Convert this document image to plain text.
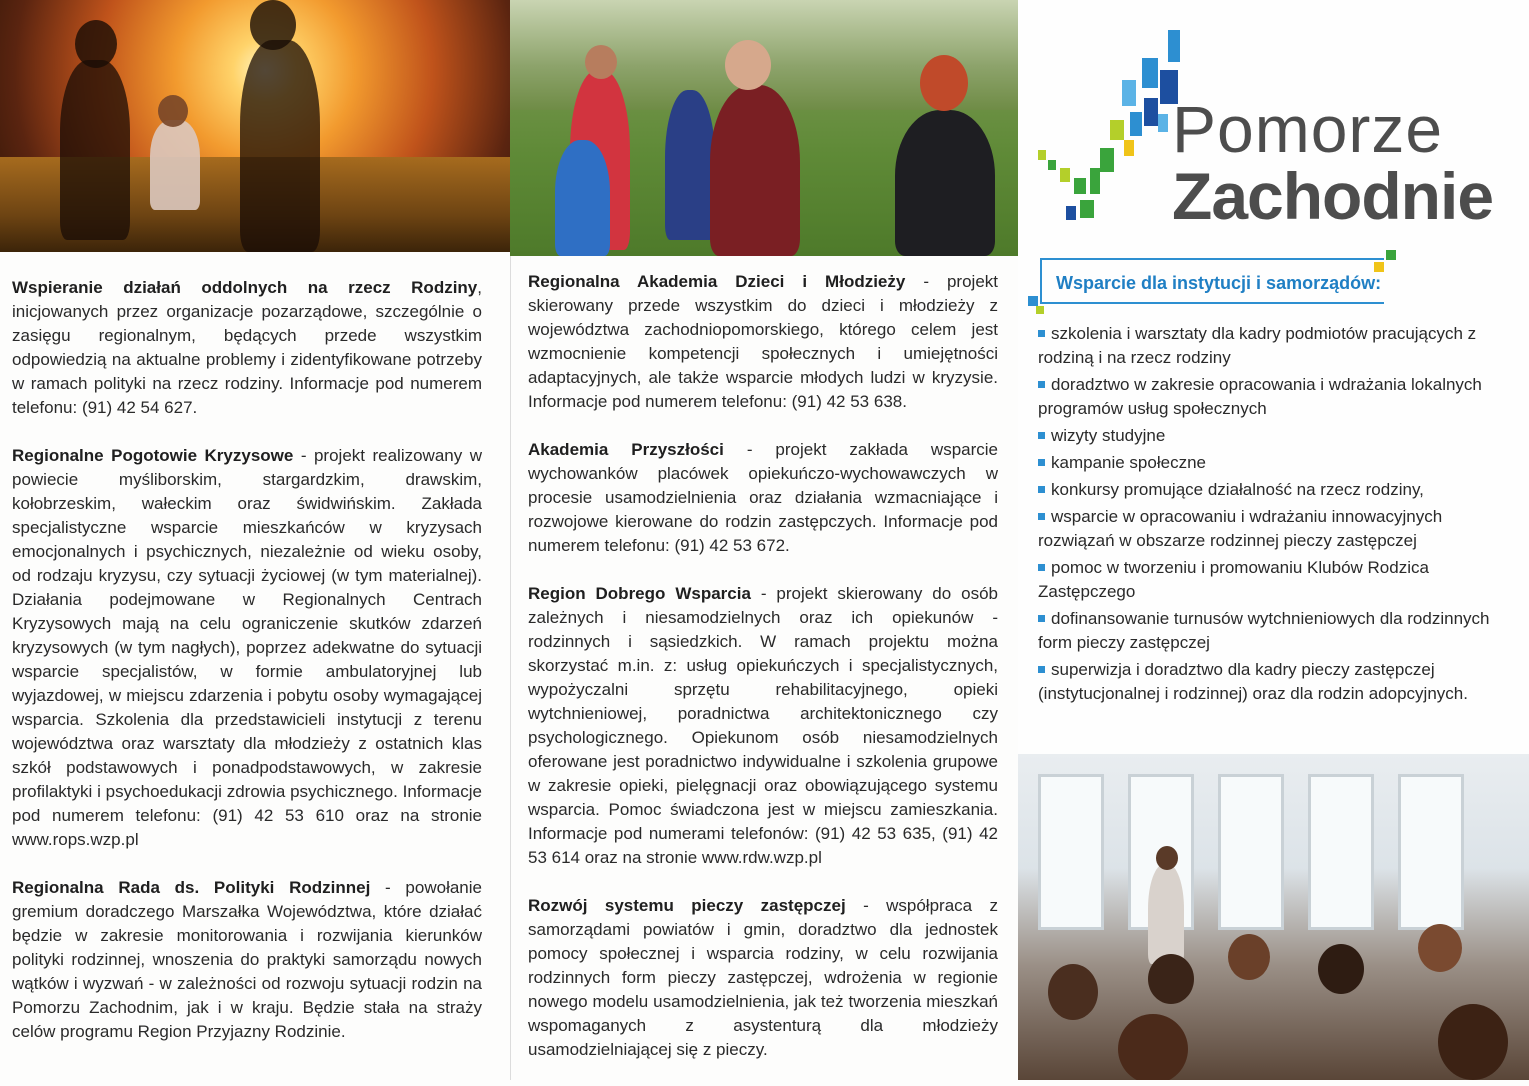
Wspieranie działań oddolnych na rzecz Rodziny, inicjowanych przez organizacje pozarządowe, szczególnie o zasięgu regionalnym, będących przede wszystkim odpowiedzią na aktualne problemy i zidentyfikowane potrzeby w ramach polityki na rzecz rodziny. Informacje pod numerem telefonu: (91) 42 54 627.

Regionalne Pogotowie Kryzysowe - projekt realizowany w powiecie myśliborskim, stargardzkim, drawskim, kołobrzeskim, wałeckim oraz świdwińskim. Zakłada specjalistyczne wsparcie mieszkańców w kryzysach emocjonalnych i psychicznych, niezależnie od wieku osoby, od rodzaju kryzysu, czy sytuacji życiowej (w tym materialnej). Działania podejmowane w Regionalnych Centrach Kryzysowych mają na celu ograniczenie skutków zdarzeń kryzysowych (w tym nagłych), poprzez adekwatne do sytuacji wsparcie specjalistów, w formie ambulatoryjnej lub wyjazdowej, w miejscu zdarzenia i pobytu osoby wymagającej wsparcia. Szkolenia dla przedstawicieli instytucji z terenu województwa oraz warsztaty dla młodzieży z ostatnich klas szkół podstawowych i ponadpodstawowych, w zakresie profilaktyki i psychoedukacji zdrowia psychicznego. Informacje pod numerem telefonu: (91) 42 53 610 oraz na stronie www.rops.wzp.pl

Regionalna Rada ds. Polityki Rodzinnej - powołanie gremium doradczego Marszałka Województwa, które działać będzie w zakresie monitorowania i rozwijania kierunków polityki rodzinnej, wnoszenia do praktyki samorządu nowych wątków i wyzwań - w zależności od rozwoju sytuacji rodzin na Pomorzu Zachodnim, jak i w kraju. Będzie stała na straży celów programu Region Przyjazny Rodzinie.

Regionalna Akademia Dzieci i Młodzieży - projekt skierowany przede wszystkim do dzieci i młodzieży z województwa zachodniopomorskiego, którego celem jest wzmocnienie kompetencji społecznych i umiejętności adaptacyjnych, ale także wsparcie młodych ludzi w kryzysie. Informacje pod numerem telefonu: (91) 42 53 638.

Akademia Przyszłości - projekt zakłada wsparcie wychowanków placówek opiekuńczo-wychowawczych w procesie usamodzielnienia oraz działania wzmacniające i rozwojowe kierowane do rodzin zastępczych. Informacje pod numerem telefonu: (91) 42 53 672.

Region Dobrego Wsparcia - projekt skierowany do osób zależnych i niesamodzielnych oraz ich opiekunów - rodzinnych i sąsiedzkich. W ramach projektu można skorzystać m.in. z: usług opiekuńczych i specjalistycznych, wypożyczalni sprzętu rehabilitacyjnego, opieki wytchnieniowej, poradnictwa architektonicznego czy psychologicznego. Opiekunom osób niesamodzielnych oferowane jest poradnictwo indywidualne i szkolenia grupowe w zakresie opieki, pielęgnacji oraz obowiązującego systemu wsparcia. Pomoc świadczona jest w miejscu zamieszkania. Informacje pod numerami telefonów: (91) 42 53 635, (91) 42 53 614 oraz na stronie www.rdw.wzp.pl

Rozwój systemu pieczy zastępczej - współpraca z samorządami powiatów i gmin, doradztwo dla jednostek pomocy społecznej i wsparcia rodziny, w celu rozwijania rodzinnych form pieczy zastępczej, wdrożenia w regionie nowego modelu usamodzielnienia, jak też tworzenia mieszkań wspomaganych z asystenturą dla młodzieży usamodzielniającej się z pieczy.

Pomorze
Zachodnie
Wsparcie dla instytucji i samorządów:
szkolenia i warsztaty dla kadry podmiotów pracujących z rodziną i na rzecz rodziny
doradztwo w zakresie opracowania i wdrażania lokalnych programów usług społecznych
wizyty studyjne
kampanie społeczne
konkursy promujące działalność na rzecz rodziny,
wsparcie w opracowaniu i wdrażaniu innowacyjnych rozwiązań w obszarze rodzinnej pieczy zastępczej
pomoc w tworzeniu i promowaniu Klubów Rodzica Zastępczego
dofinansowanie turnusów wytchnieniowych dla rodzinnych form pieczy zastępczej
superwizja i doradztwo dla kadry pieczy zastępczej (instytucjonalnej i rodzinnej) oraz dla rodzin adopcyjnych.
